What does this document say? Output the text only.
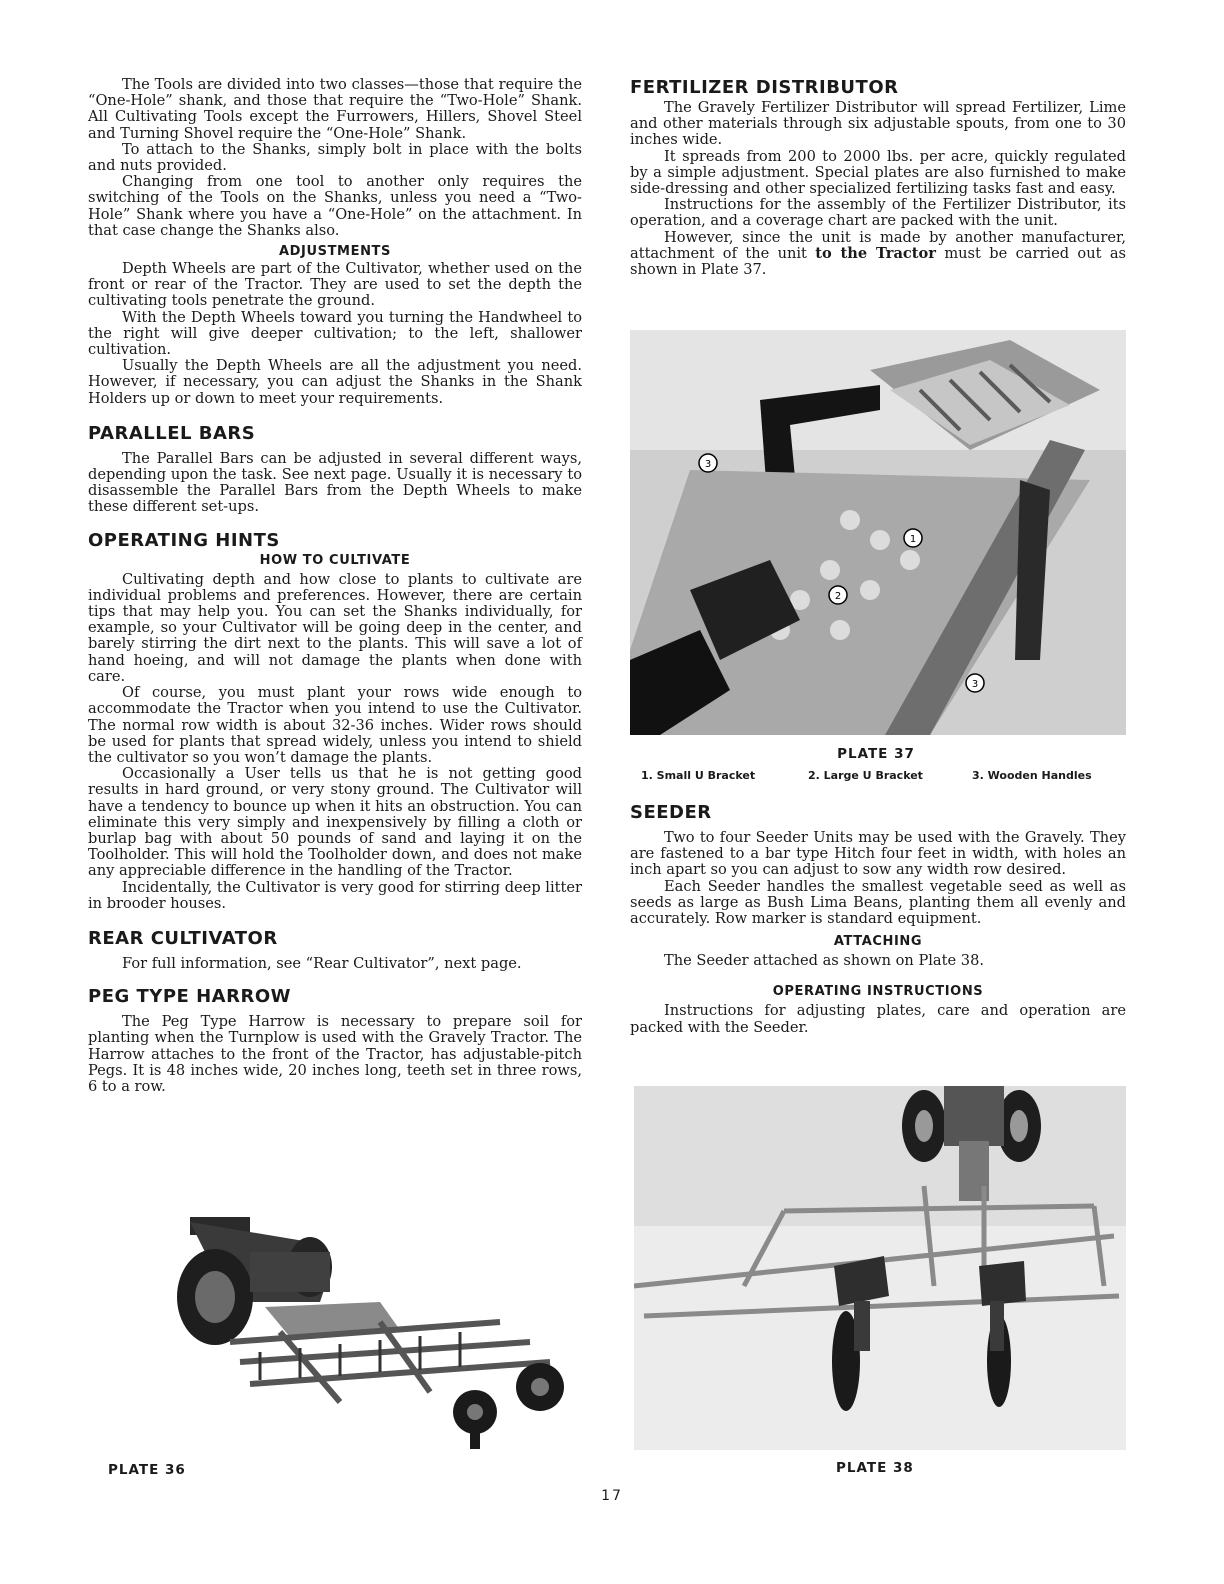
The Tools are divided into two classes—those that require the “One-Hole” shank, and those that require the “Two-Hole” Shank. All Cultivating Tools except the Furrowers, Hillers, Shovel Steel and Turning Shovel require the “One-Hole” Shank.

To attach to the Shanks, simply bolt in place with the bolts and nuts provided.

Changing from one tool to another only requires the switching of the Tools on the Shanks, unless you need a “Two-Hole” Shank where you have a “One-Hole” on the attachment. In that case change the Shanks also.

ADJUSTMENTS

Depth Wheels are part of the Cultivator, whether used on the front or rear of the Tractor. They are used to set the depth the cultivating tools penetrate the ground.

With the Depth Wheels toward you turning the Handwheel to the right will give deeper cultivation; to the left, shallower cultivation.

Usually the Depth Wheels are all the adjustment you need. However, if necessary, you can adjust the Shanks in the Shank Holders up or down to meet your requirements.

PARALLEL BARS

The Parallel Bars can be adjusted in several different ways, depending upon the task. See next page. Usually it is necessary to disassemble the Parallel Bars from the Depth Wheels to make these different set-ups.

OPERATING HINTS
HOW TO CULTIVATE

Cultivating depth and how close to plants to cultivate are individual problems and preferences. However, there are certain tips that may help you. You can set the Shanks individually, for example, so your Cultivator will be going deep in the center, and barely stirring the dirt next to the plants. This will save a lot of hand hoeing, and will not damage the plants when done with care.

Of course, you must plant your rows wide enough to accommodate the Tractor when you intend to use the Cultivator. The normal row width is about 32-36 inches. Wider rows should be used for plants that spread widely, unless you intend to shield the cultivator so you won’t damage the plants.

Occasionally a User tells us that he is not getting good results in hard ground, or very stony ground. The Cultivator will have a tendency to bounce up when it hits an obstruction. You can eliminate this very simply and inexpensively by filling a cloth or burlap bag with about 50 pounds of sand and laying it on the Toolholder. This will hold the Toolholder down, and does not make any appreciable difference in the handling of the Tractor.

Incidentally, the Cultivator is very good for stirring deep litter in brooder houses.

REAR CULTIVATOR

For full information, see “Rear Cultivator”, next page.

PEG TYPE HARROW

The Peg Type Harrow is necessary to prepare soil for planting when the Turnplow is used with the Gravely Tractor. The Harrow attaches to the front of the Tractor, has adjustable-pitch Pegs. It is 48 inches wide, 20 inches long, teeth set in three rows, 6 to a row.

PLATE 36
FERTILIZER DISTRIBUTOR

The Gravely Fertilizer Distributor will spread Fertilizer, Lime and other materials through six adjustable spouts, from one to 30 inches wide.

It spreads from 200 to 2000 lbs. per acre, quickly regulated by a simple adjustment. Special plates are also furnished to make side-dressing and other specialized fertilizing tasks fast and easy.

Instructions for the assembly of the Fertilizer Distributor, its operation, and a coverage chart are packed with the unit.

However, since the unit is made by another manufacturer, attachment of the unit to the Tractor must be carried out as shown in Plate 37.

3
1
2
3
PLATE 37
1. Small U Bracket	2. Large U Bracket	3. Wooden Handles
SEEDER

Two to four Seeder Units may be used with the Gravely. They are fastened to a bar type Hitch four feet in width, with holes an inch apart so you can adjust to sow any width row desired.

Each Seeder handles the smallest vegetable seed as well as seeds as large as Bush Lima Beans, planting them all evenly and accurately. Row marker is standard equipment.

ATTACHING

The Seeder attached as shown on Plate 38.

OPERATING INSTRUCTIONS

Instructions for adjusting plates, care and operation are packed with the Seeder.

PLATE 38
17
